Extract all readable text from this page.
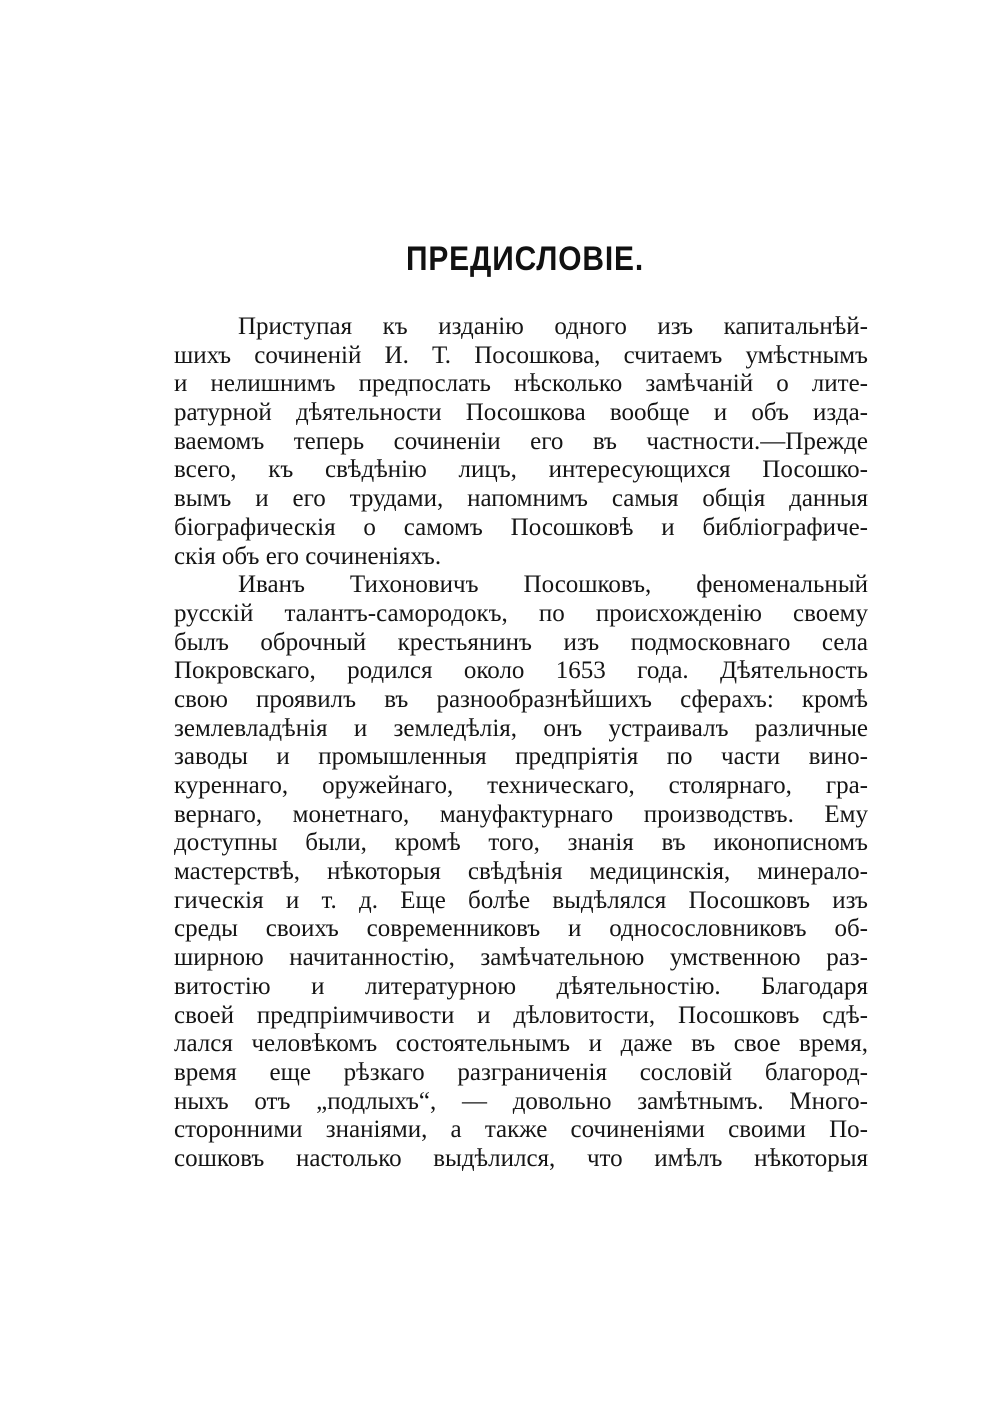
ПРЕДИСЛОВІЕ.
Приступая къ изданію одного изъ капитальнѣй-
шихъ сочиненій И. Т. Посошкова, считаемъ умѣстнымъ
и нелишнимъ предпослать нѣсколько замѣчаній о лите-
ратурной дѣятельности Посошкова вообще и объ изда-
ваемомъ теперь сочиненіи его въ частности.—Прежде
всего, къ свѣдѣнію лицъ, интересующихся Посошко-
вымъ и его трудами, напомнимъ самыя общія данныя
біографическія о самомъ Посошковѣ и библіографиче-
скія объ его сочиненіяхъ.
Иванъ Тихоновичъ Посошковъ, феноменальный
русскій талантъ-самородокъ, по происхожденію своему
былъ оброчный крестьянинъ изъ подмосковнаго села
Покровскаго, родился около 1653 года. Дѣятельность
свою проявилъ въ разнообразнѣйшихъ сферахъ: кромѣ
землевладѣнія и земледѣлія, онъ устраивалъ различные
заводы и промышленныя предпріятія по части вино-
куреннаго, оружейнаго, техническаго, столярнаго, гра-
вернаго, монетнаго, мануфактурнаго производствъ. Ему
доступны были, кромѣ того, знанія въ иконописномъ
мастерствѣ, нѣкоторыя свѣдѣнія медицинскія, минерало-
гическія и т. д. Еще болѣе выдѣлялся Посошковъ изъ
среды своихъ современниковъ и односословниковъ об-
ширною начитанностію, замѣчательною умственною раз-
витостію и литературною дѣятельностію. Благодаря
своей предпріимчивости и дѣловитости, Посошковъ сдѣ-
лался человѣкомъ состоятельнымъ и даже въ свое время,
время еще рѣзкаго разграниченія сословій благород-
ныхъ отъ „подлыхъ“, — довольно замѣтнымъ. Много-
сторонними знаніями, а также сочиненіями своими По-
сошковъ настолько выдѣлился, что имѣлъ нѣкоторыя
